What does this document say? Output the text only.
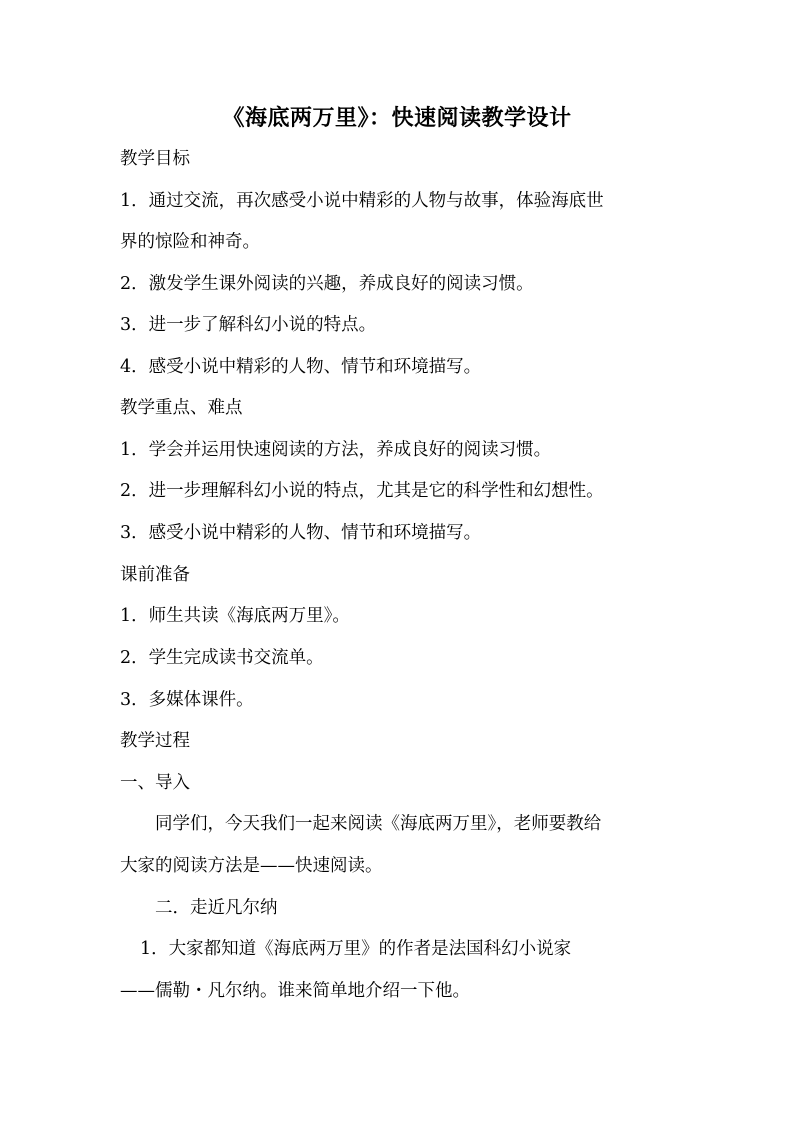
《海底两万里》：快速阅读教学设计
教学目标
1．通过交流，再次感受小说中精彩的人物与故事，体验海底世
界的惊险和神奇。
2．激发学生课外阅读的兴趣，养成良好的阅读习惯。
3．进一步了解科幻小说的特点。
4．感受小说中精彩的人物、情节和环境描写。
教学重点、难点
1．学会并运用快速阅读的方法，养成良好的阅读习惯。
2．进一步理解科幻小说的特点，尤其是它的科学性和幻想性。
3．感受小说中精彩的人物、情节和环境描写。
课前准备
1．师生共读《海底两万里》。
2．学生完成读书交流单。
3．多媒体课件。
教学过程
一、导入
同学们，今天我们一起来阅读《海底两万里》，老师要教给
大家的阅读方法是——快速阅读。
二．走近凡尔纳
1．大家都知道《海底两万里》的作者是法国科幻小说家
——儒勒・凡尔纳。谁来简单地介绍一下他。
